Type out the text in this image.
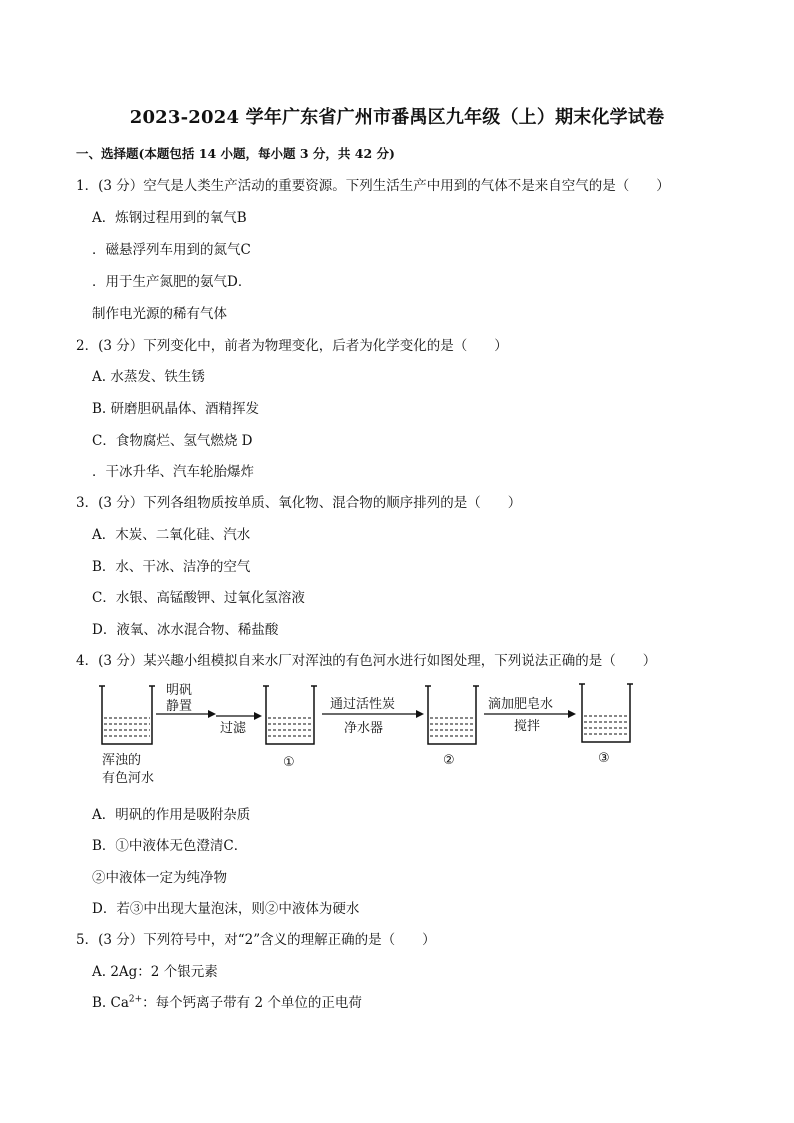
2023-2024 学年广东省广州市番禺区九年级（上）期末化学试卷
一、选择题(本题包括 14 小题，每小题 3 分，共 42 分)
1．(3 分）空气是人类生产活动的重要资源。下列生活生产中用到的气体不是来自空气的是（　　）
A．炼钢过程用到的氧气B
．磁悬浮列车用到的氮气C
．用于生产氮肥的氨气D．
制作电光源的稀有气体
2．(3 分）下列变化中，前者为物理变化，后者为化学变化的是（　　）
A. 水蒸发、铁生锈
B. 研磨胆矾晶体、酒精挥发
C．食物腐烂、氢气燃烧 D
．干冰升华、汽车轮胎爆炸
3．(3 分）下列各组物质按单质、氧化物、混合物的顺序排列的是（　　）
A．木炭、二氧化硅、汽水
B．水、干冰、洁净的空气
C．水银、高锰酸钾、过氧化氢溶液
D．液氧、冰水混合物、稀盐酸
4．(3 分）某兴趣小组模拟自来水厂对浑浊的有色河水进行如图处理，下列说法正确的是（　　）
浑浊的
有色河水
明矾
静置
过滤
①
通过活性炭
净水器
②
滴加肥皂水
搅拌
③
A．明矾的作用是吸附杂质
B．①中液体无色澄清C．
②中液体一定为纯净物
D．若③中出现大量泡沫，则②中液体为硬水
5．(3 分）下列符号中，对“2”含义的理解正确的是（　　）
A. 2Ag：2 个银元素
B. $Ca^{2+}$：每个钙离子带有 2 个单位的正电荷
